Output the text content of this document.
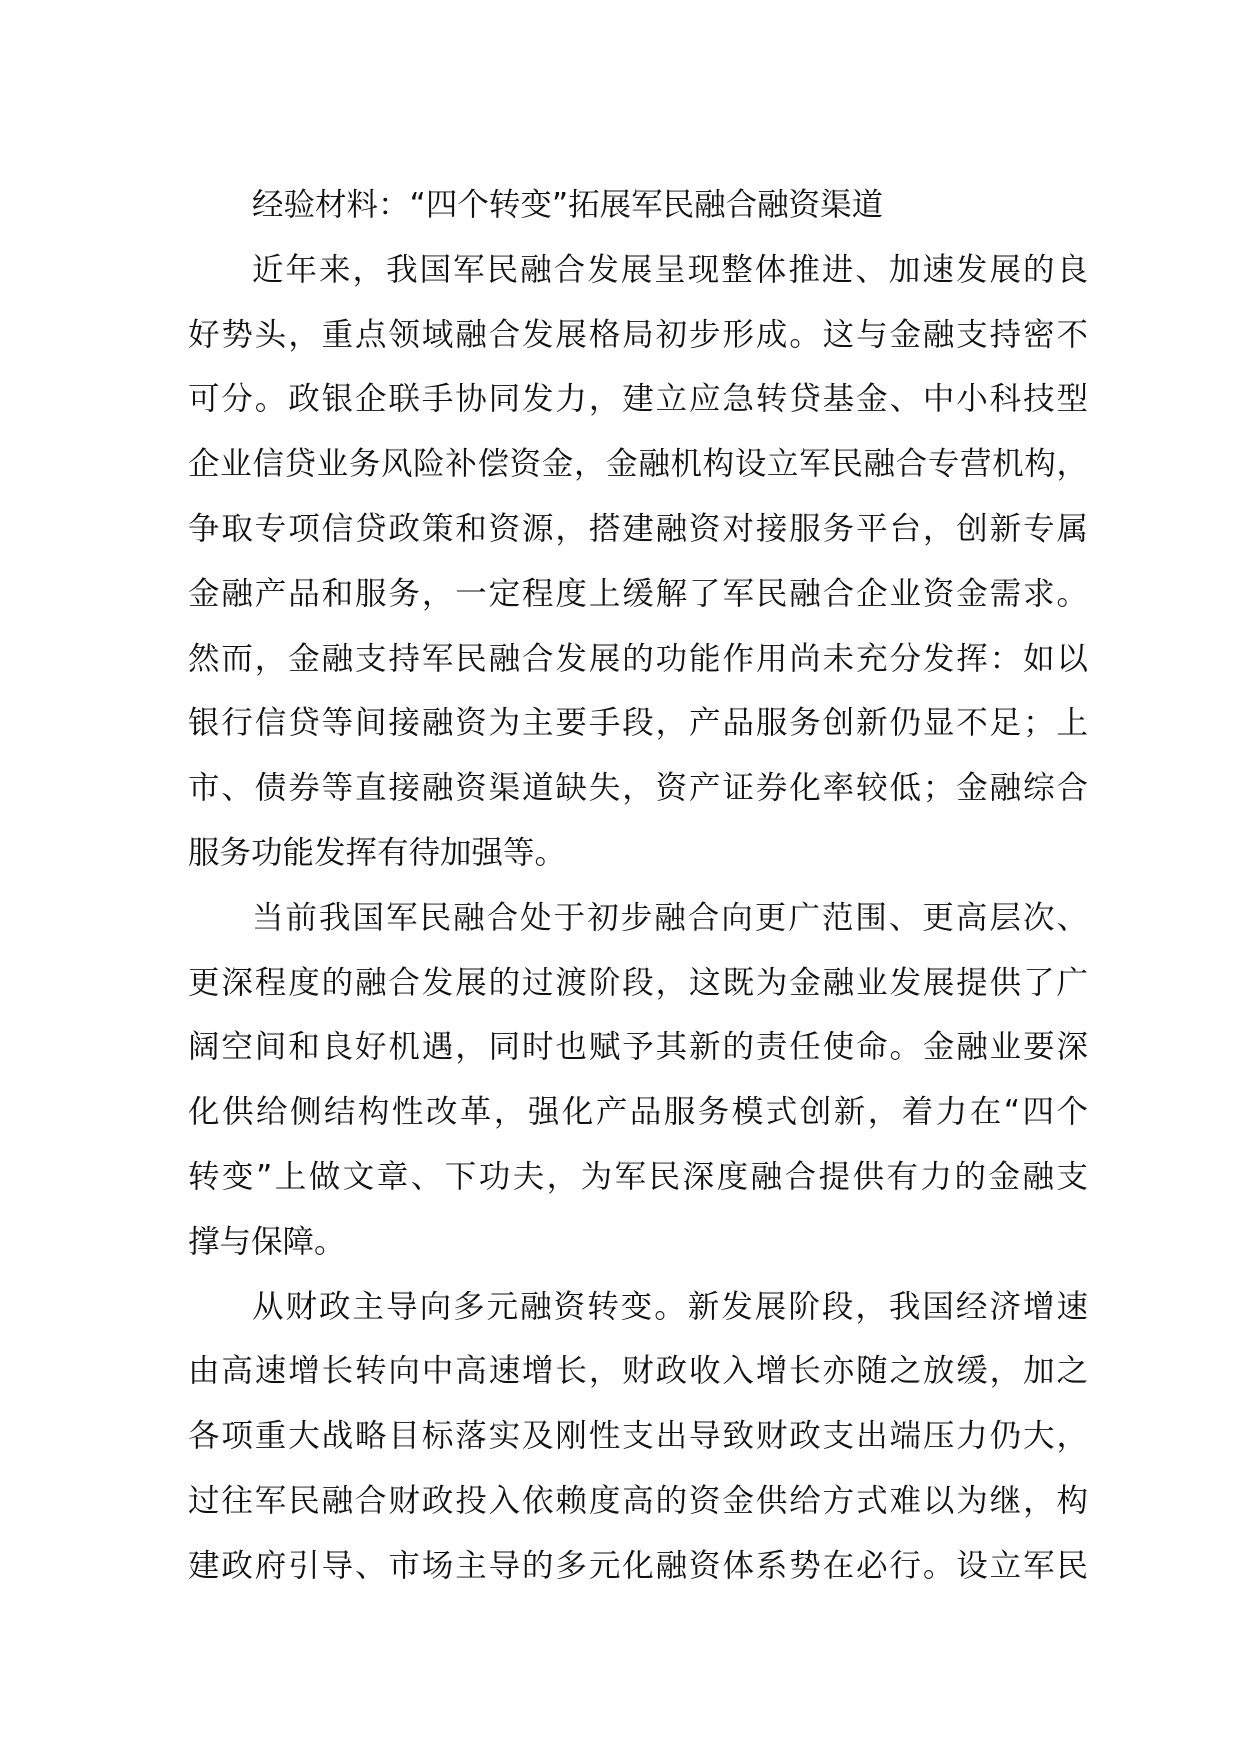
经验材料：“四个转变”拓展军民融合融资渠道
近年来，我国军民融合发展呈现整体推进、加速发展的良
好势头，重点领域融合发展格局初步形成。这与金融支持密不
可分。政银企联手协同发力，建立应急转贷基金、中小科技型
企业信贷业务风险补偿资金，金融机构设立军民融合专营机构，
争取专项信贷政策和资源，搭建融资对接服务平台，创新专属
金融产品和服务，一定程度上缓解了军民融合企业资金需求。
然而，金融支持军民融合发展的功能作用尚未充分发挥：如以
银行信贷等间接融资为主要手段，产品服务创新仍显不足；上
市、债券等直接融资渠道缺失，资产证券化率较低；金融综合
服务功能发挥有待加强等。
当前我国军民融合处于初步融合向更广范围、更高层次、
更深程度的融合发展的过渡阶段，这既为金融业发展提供了广
阔空间和良好机遇，同时也赋予其新的责任使命。金融业要深
化供给侧结构性改革，强化产品服务模式创新，着力在“四个
转变”上做文章、下功夫，为军民深度融合提供有力的金融支
撑与保障。
从财政主导向多元融资转变。新发展阶段，我国经济增速
由高速增长转向中高速增长，财政收入增长亦随之放缓，加之
各项重大战略目标落实及刚性支出导致财政支出端压力仍大，
过往军民融合财政投入依赖度高的资金供给方式难以为继，构
建政府引导、市场主导的多元化融资体系势在必行。设立军民
